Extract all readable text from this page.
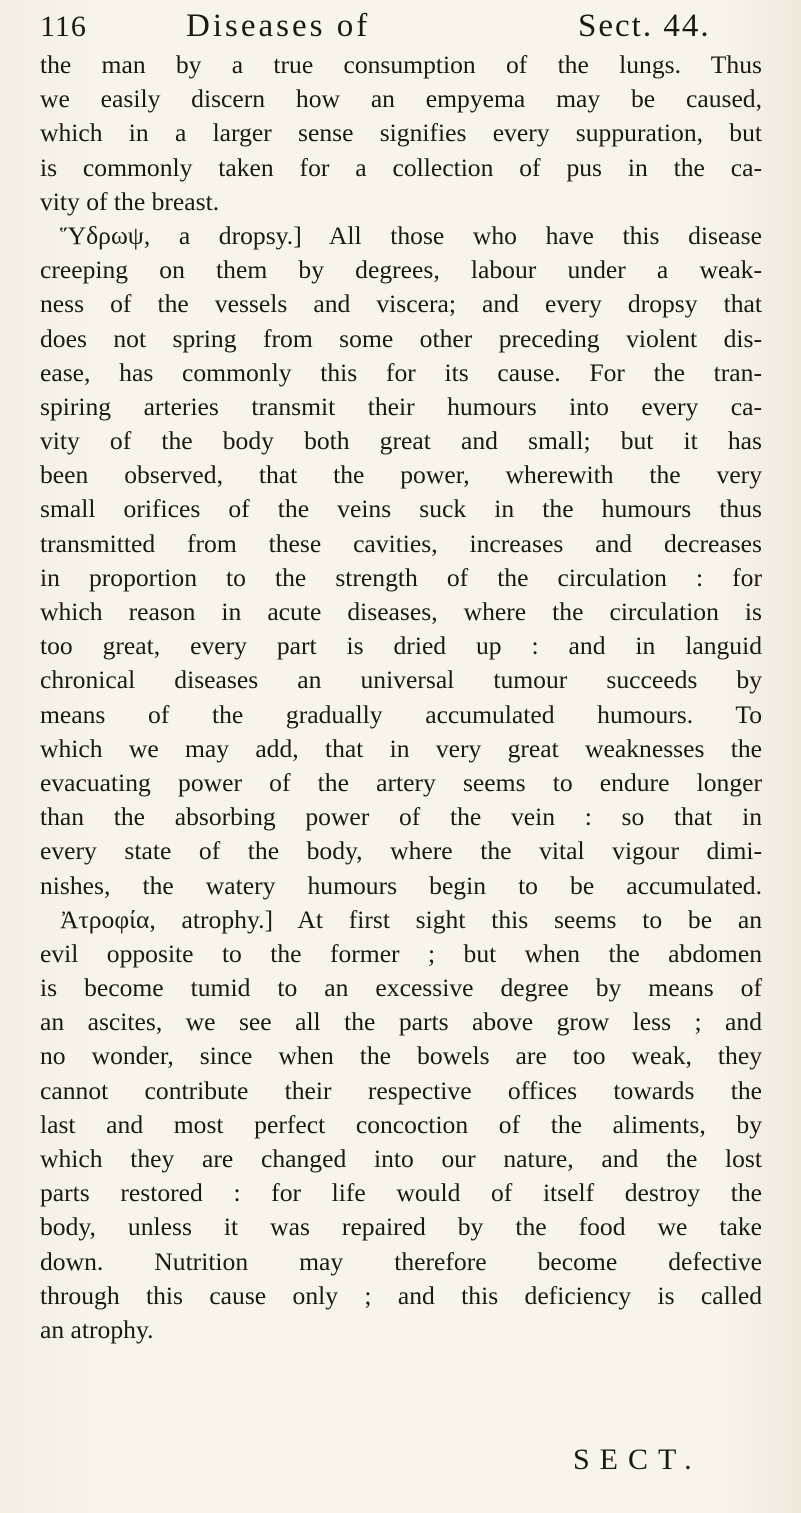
116	Diseases of	Sect. 44.
the man by a true consumption of the lungs. Thus
we easily discern how an empyema may be caused,
which in a larger sense signifies every suppuration, but
is commonly taken for a collection of pus in the ca-
vity of the breast.
Ὕδρωψ, a dropsy.] All those who have this disease
creeping on them by degrees, labour under a weak-
ness of the vessels and viscera; and every dropsy that
does not spring from some other preceding violent dis-
ease, has commonly this for its cause. For the tran-
spiring arteries transmit their humours into every ca-
vity of the body both great and small; but it has
been observed, that the power, wherewith the very
small orifices of the veins suck in the humours thus
transmitted from these cavities, increases and decreases
in proportion to the strength of the circulation : for
which reason in acute diseases, where the circulation is
too great, every part is dried up : and in languid
chronical diseases an universal tumour succeeds by
means of the gradually accumulated humours. To
which we may add, that in very great weaknesses the
evacuating power of the artery seems to endure longer
than the absorbing power of the vein : so that in
every state of the body, where the vital vigour dimi-
nishes, the watery humours begin to be accumulated.
Ἀτροφία, atrophy.] At first sight this seems to be an
evil opposite to the former ; but when the abdomen
is become tumid to an excessive degree by means of
an ascites, we see all the parts above grow less ; and
no wonder, since when the bowels are too weak, they
cannot contribute their respective offices towards the
last and most perfect concoction of the aliments, by
which they are changed into our nature, and the lost
parts restored : for life would of itself destroy the
body, unless it was repaired by the food we take
down. Nutrition may therefore become defective
through this cause only ; and this deficiency is called
an atrophy.
SECT.
